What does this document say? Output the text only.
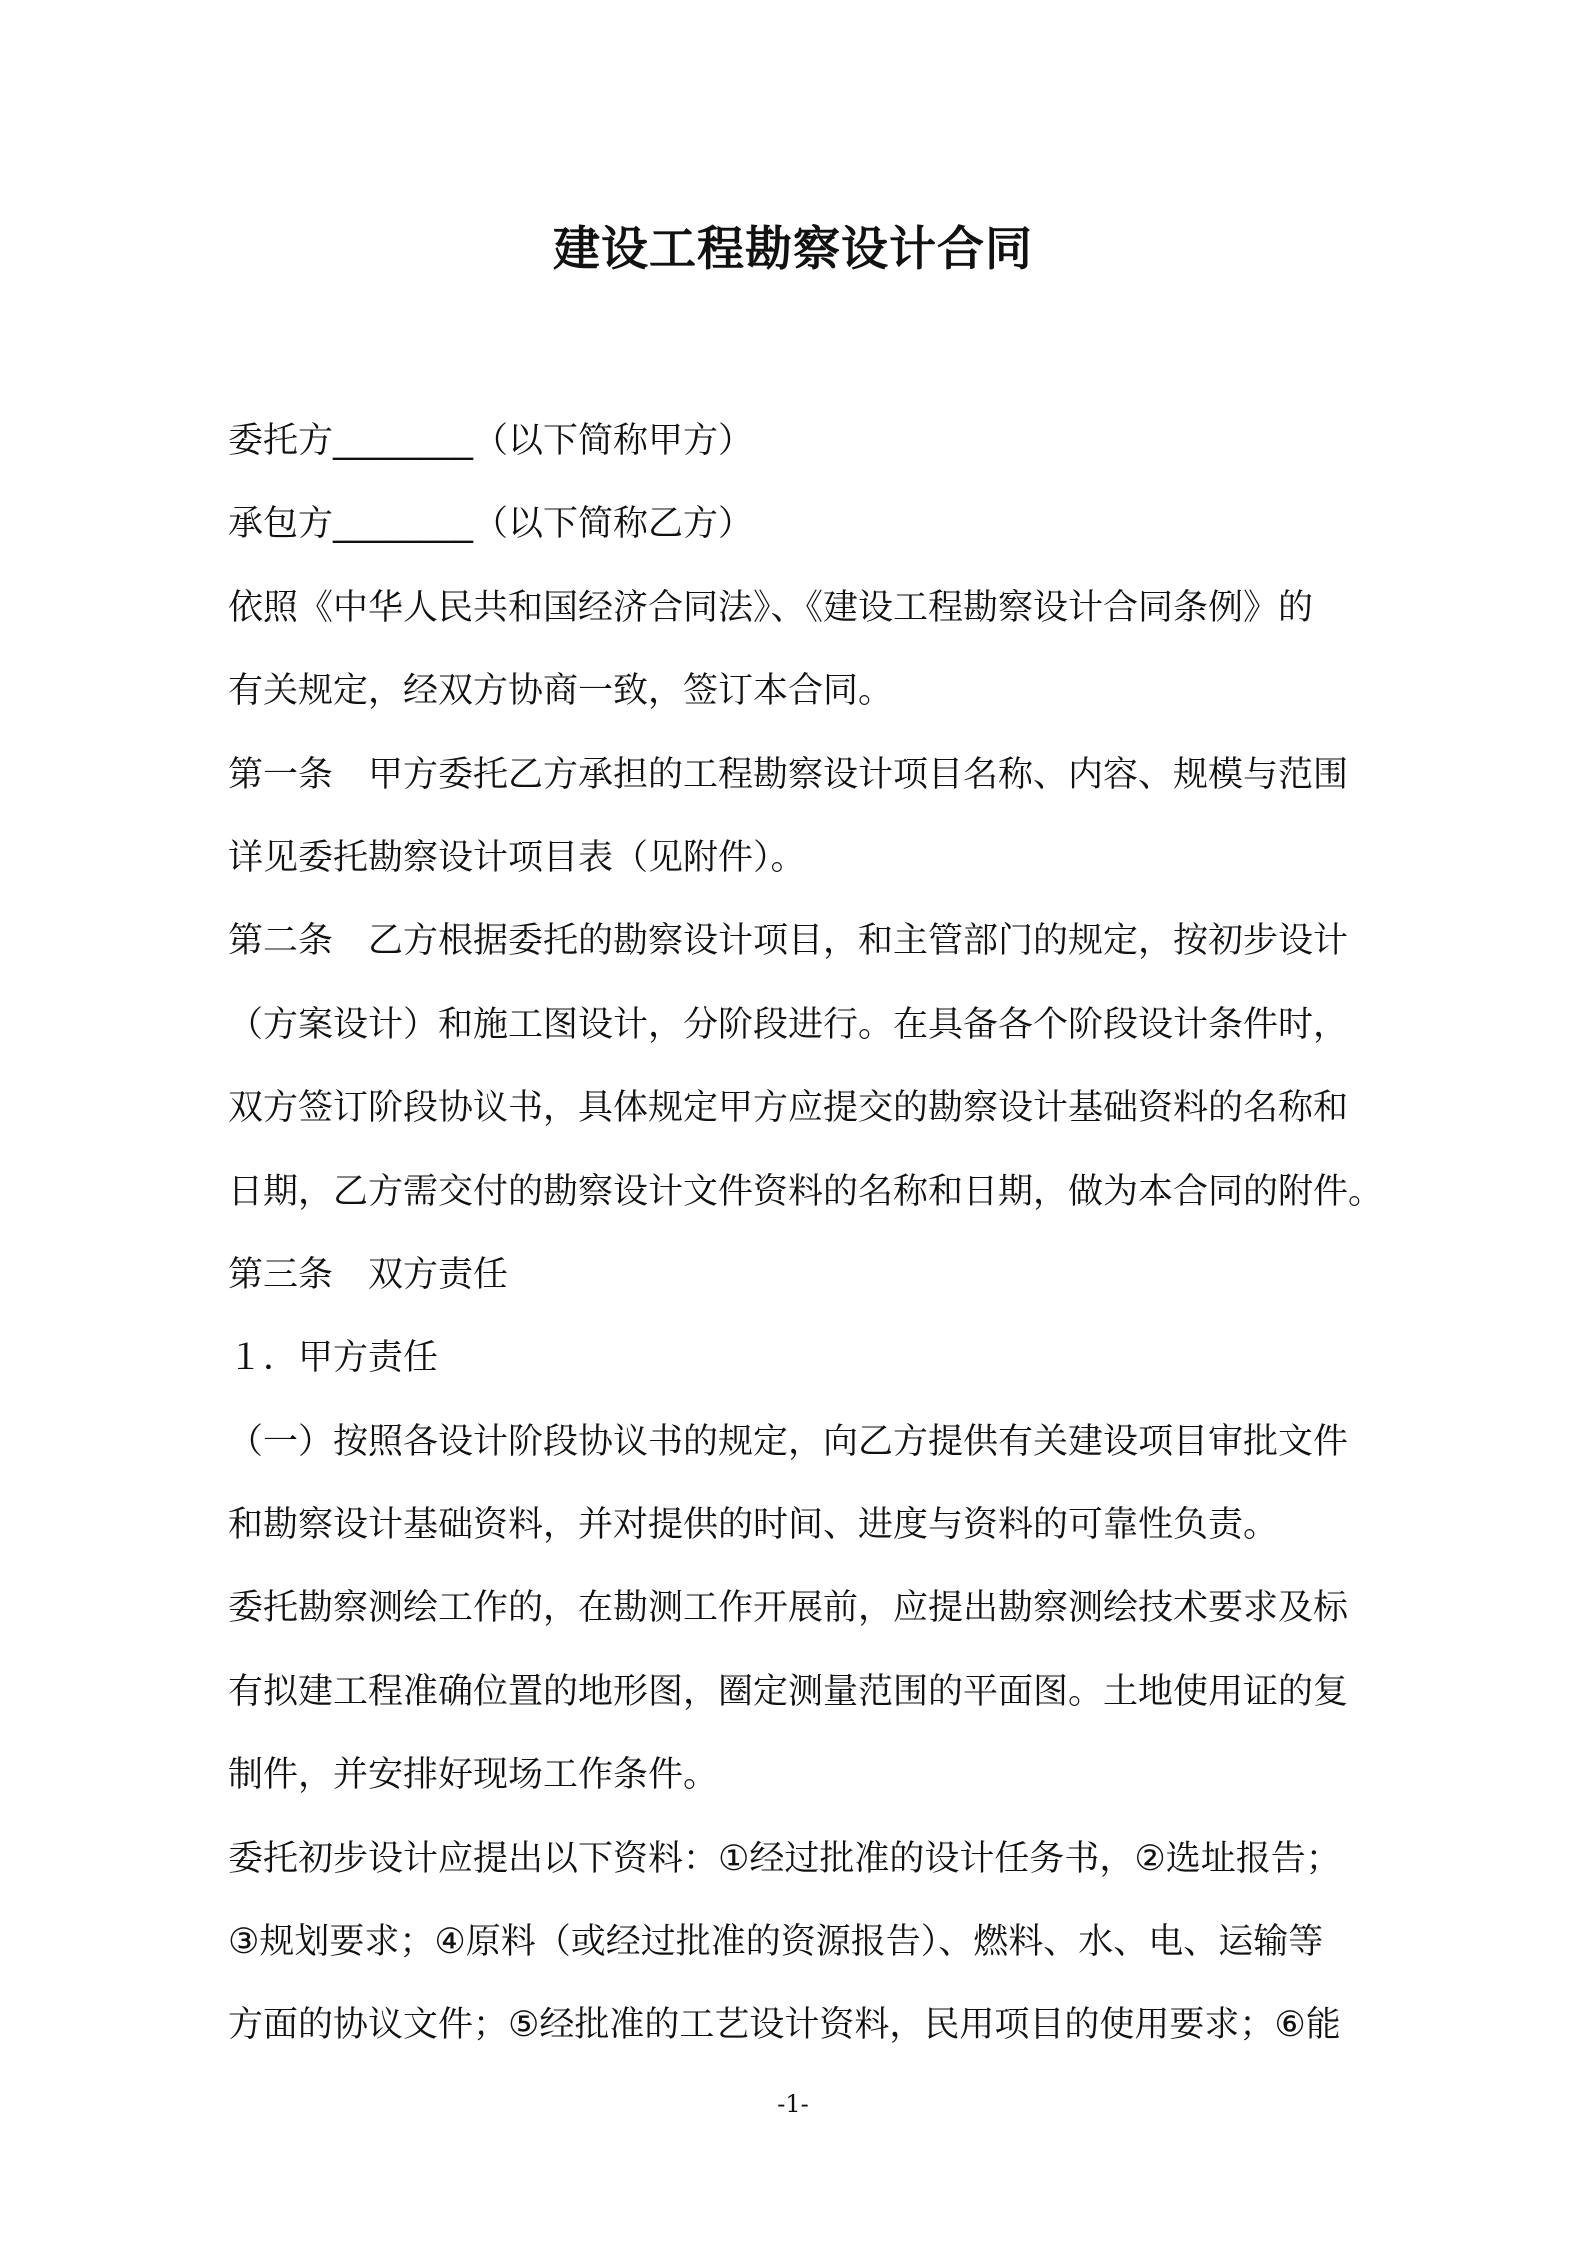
建设工程勘察设计合同
委托方________（以下简称甲方）
承包方________（以下简称乙方）
依照《中华人民共和国经济合同法》、《建设工程勘察设计合同条例》的
有关规定，经双方协商一致，签订本合同。
第一条　甲方委托乙方承担的工程勘察设计项目名称、内容、规模与范围
详见委托勘察设计项目表（见附件）。
第二条　乙方根据委托的勘察设计项目，和主管部门的规定，按初步设计
（方案设计）和施工图设计，分阶段进行。在具备各个阶段设计条件时，
双方签订阶段协议书，具体规定甲方应提交的勘察设计基础资料的名称和
日期，乙方需交付的勘察设计文件资料的名称和日期，做为本合同的附件。
第三条　双方责任
１．甲方责任
（一）按照各设计阶段协议书的规定，向乙方提供有关建设项目审批文件
和勘察设计基础资料，并对提供的时间、进度与资料的可靠性负责。
委托勘察测绘工作的，在勘测工作开展前，应提出勘察测绘技术要求及标
有拟建工程准确位置的地形图，圈定测量范围的平面图。土地使用证的复
制件，并安排好现场工作条件。
委托初步设计应提出以下资料：①经过批准的设计任务书，②选址报告；
③规划要求；④原料（或经过批准的资源报告）、燃料、水、电、运输等
方面的协议文件；⑤经批准的工艺设计资料，民用项目的使用要求；⑥能
-1-
